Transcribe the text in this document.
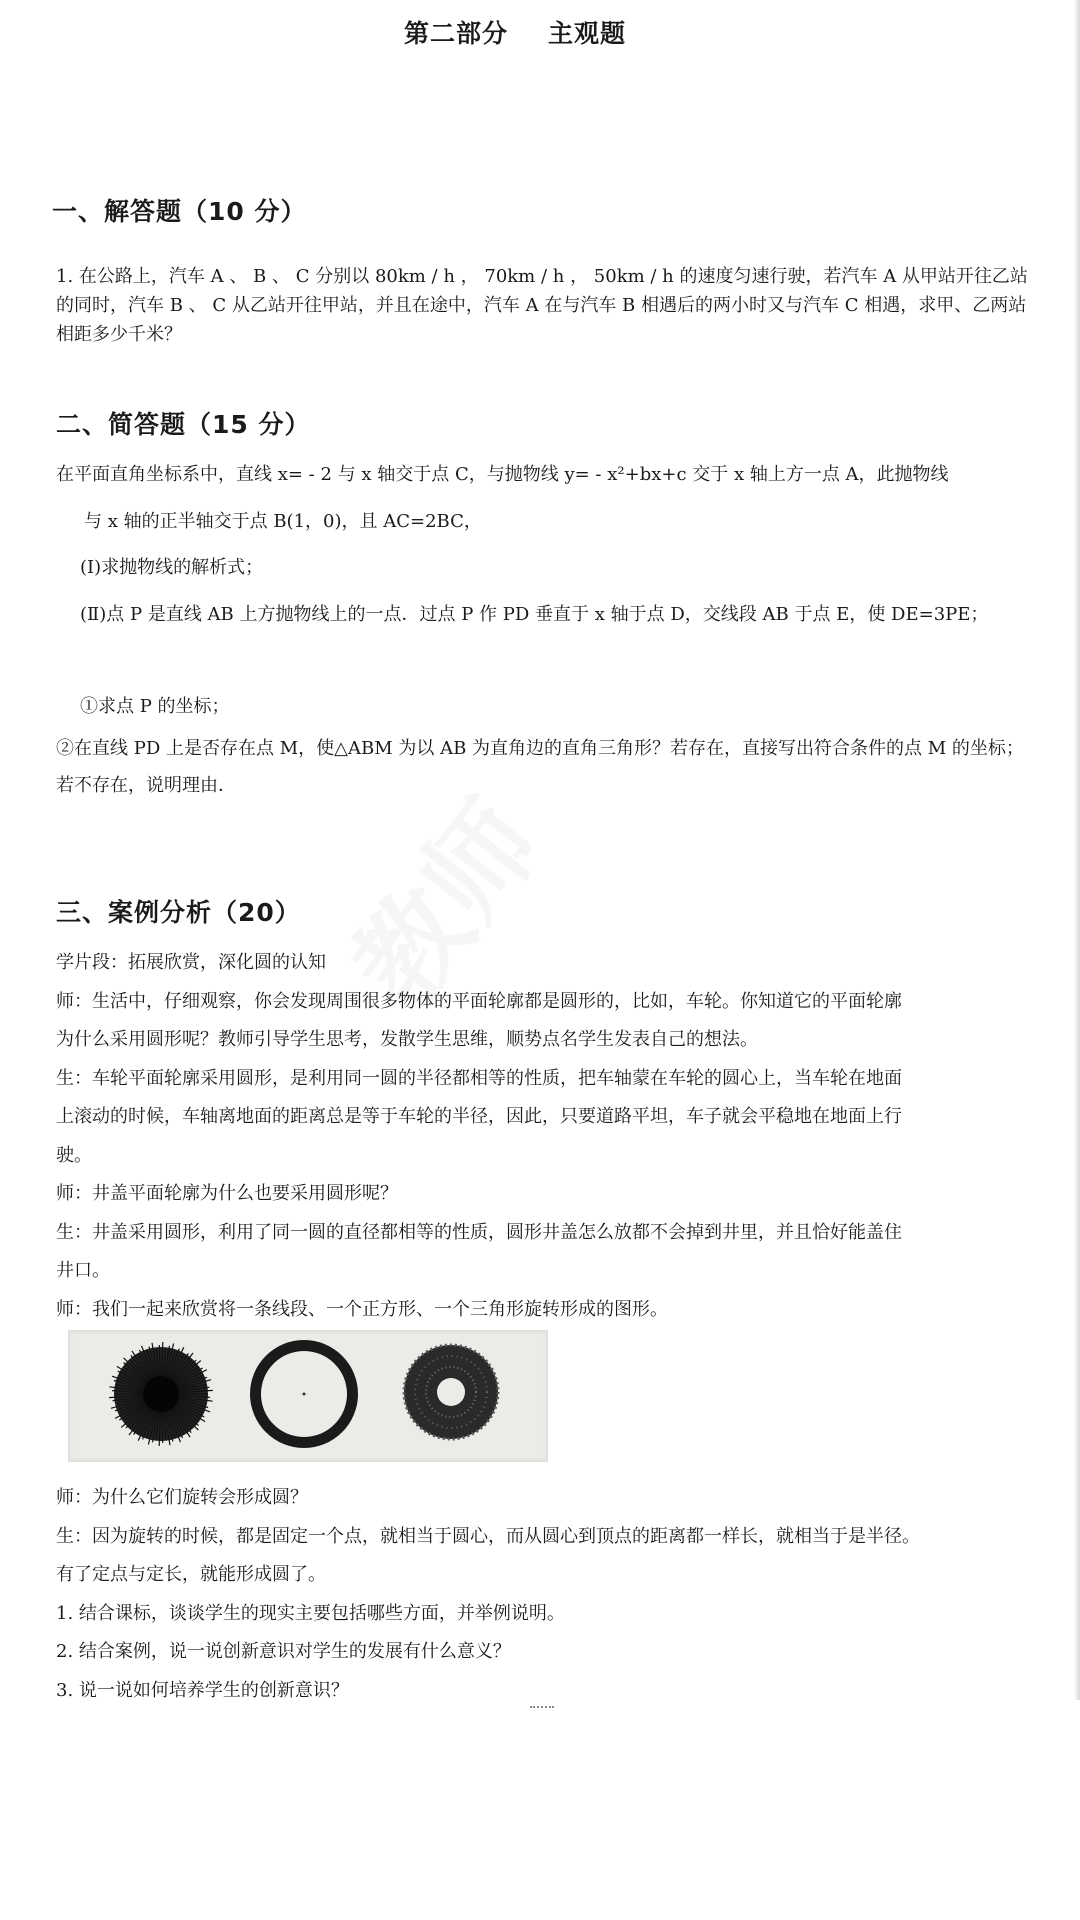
第二部分 主观题
一、解答题（10 分）
1. 在公路上，汽车 A 、 B 、 C 分别以 80km / h ， 70km / h ， 50km / h 的速度匀速行驶，若汽车 A 从甲站开往乙站的同时，汽车 B 、 C 从乙站开往甲站，并且在途中，汽车 A 在与汽车 B 相遇后的两小时又与汽车 C 相遇，求甲、乙两站相距多少千米？
二、简答题（15 分）
在平面直角坐标系中，直线 x= - 2 与 x 轴交于点 C，与抛物线 y= - x²+bx+c 交于 x 轴上方一点 A，此抛物线
与 x 轴的正半轴交于点 B(1，0)，且 AC=2BC，
(Ⅰ)求抛物线的解析式；
(Ⅱ)点 P 是直线 AB 上方抛物线上的一点．过点 P 作 PD 垂直于 x 轴于点 D，交线段 AB 于点 E，使 DE=3PE；
①求点 P 的坐标；
②在直线 PD 上是否存在点 M，使△ABM 为以 AB 为直角边的直角三角形？若存在，直接写出符合条件的点 M 的坐标；若不存在，说明理由．
三、案例分析（20）
学片段：拓展欣赏，深化圆的认知
师：生活中，仔细观察，你会发现周围很多物体的平面轮廓都是圆形的，比如，车轮。你知道它的平面轮廓
为什么采用圆形呢？教师引导学生思考，发散学生思维，顺势点名学生发表自己的想法。
生：车轮平面轮廓采用圆形，是利用同一圆的半径都相等的性质，把车轴蒙在车轮的圆心上，当车轮在地面
上滚动的时候，车轴离地面的距离总是等于车轮的半径，因此，只要道路平坦，车子就会平稳地在地面上行
驶。
师：井盖平面轮廓为什么也要采用圆形呢？
生：井盖采用圆形，利用了同一圆的直径都相等的性质，圆形井盖怎么放都不会掉到井里，并且恰好能盖住
井口。
师：我们一起来欣赏将一条线段、一个正方形、一个三角形旋转形成的图形。
师：为什么它们旋转会形成圆？
生：因为旋转的时候，都是固定一个点，就相当于圆心，而从圆心到顶点的距离都一样长，就相当于是半径。
有了定点与定长，就能形成圆了。
1. 结合课标，谈谈学生的现实主要包括哪些方面，并举例说明。
2. 结合案例，说一说创新意识对学生的发展有什么意义？
3. 说一说如何培养学生的创新意识？
